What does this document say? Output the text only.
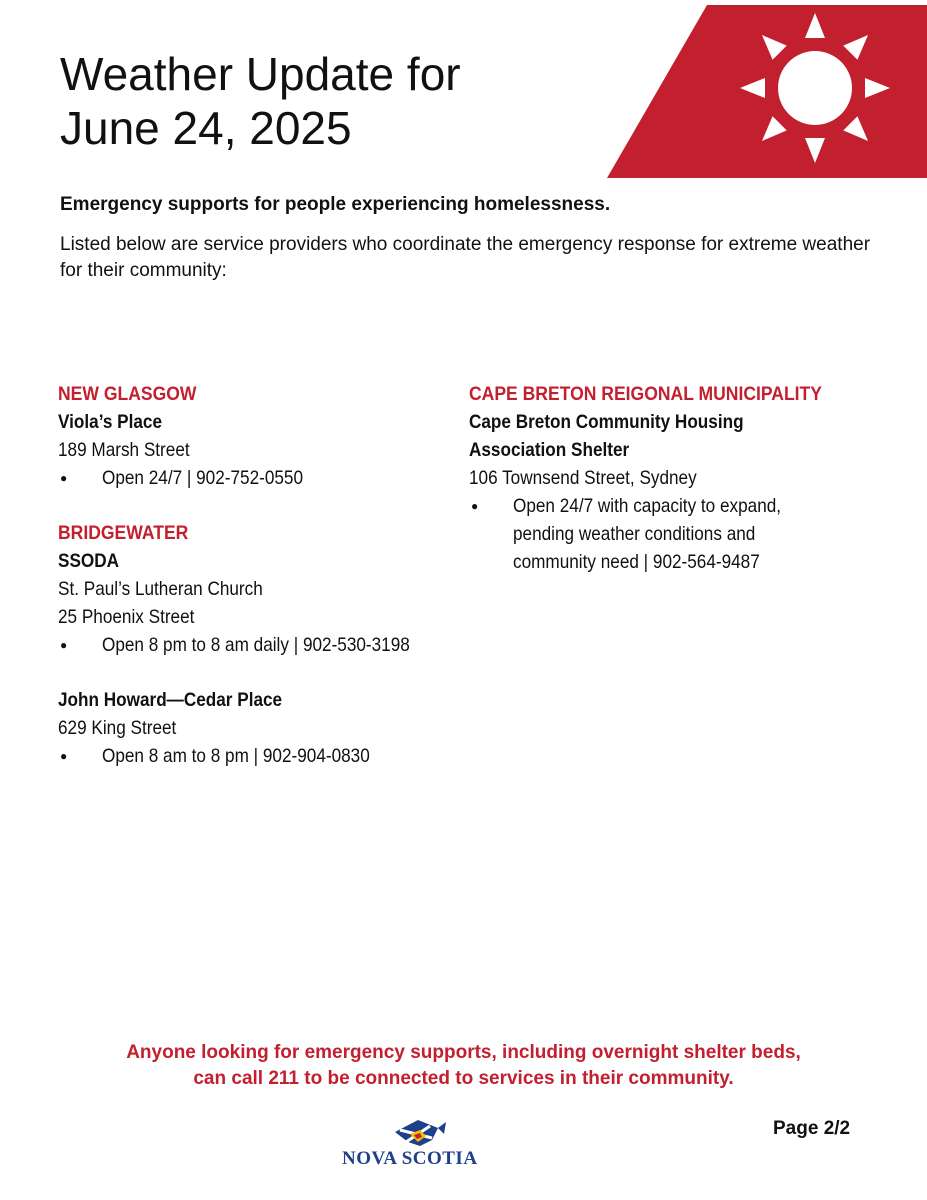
Weather Update for
June 24, 2025
Emergency supports for people experiencing homelessness.
Listed below are service providers who coordinate the emergency response for extreme weather for their community:
NEW GLASGOW
Viola’s Place
189 Marsh Street
● Open 24/7 | 902-752-0550
BRIDGEWATER
SSODA
St. Paul’s Lutheran Church
25 Phoenix Street
● Open 8 pm to 8 am daily | 902-530-3198
John Howard—Cedar Place
629 King Street
● Open 8 am to 8 pm | 902-904-0830
CAPE BRETON REIGONAL MUNICIPALITY
Cape Breton Community Housing
Association Shelter
106 Townsend Street, Sydney
● Open 24/7 with capacity to expand,
pending weather conditions and
community need | 902-564-9487
Anyone looking for emergency supports, including overnight shelter beds,
can call 211 to be connected to services in their community.
Page 2/2
NOVA SCOTIA
